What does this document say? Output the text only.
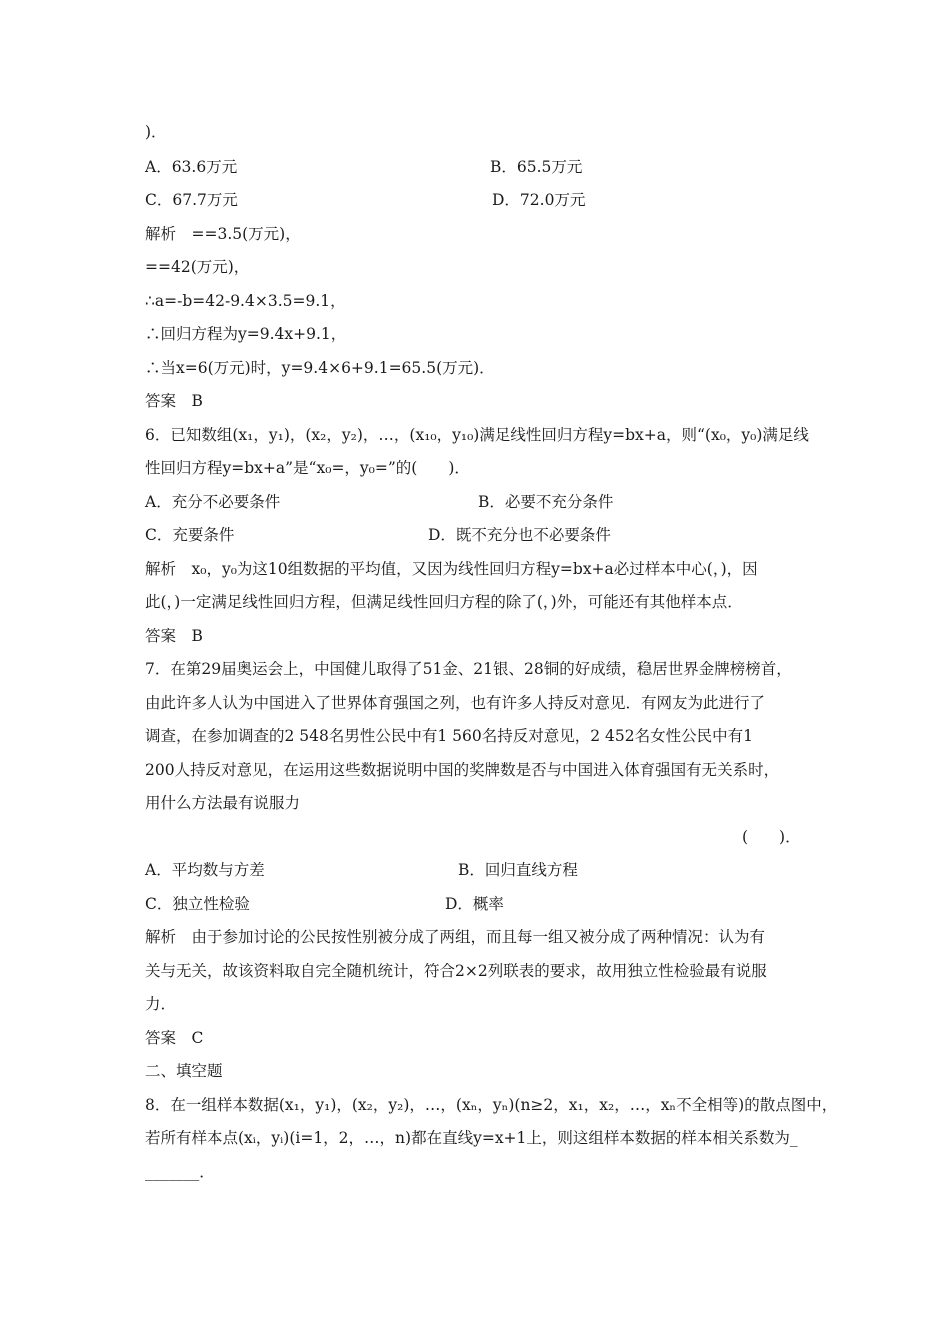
)．
A．63.6万元	B．65.5万元
C．67.7万元	D．72.0万元
解析　==3.5(万元)，
==42(万元)，
∴a=-b=42-9.4×3.5=9.1，
∴回归方程为y=9.4x+9.1，
∴当x=6(万元)时，y=9.4×6+9.1=65.5(万元)．
答案　B
6．已知数组(x₁，y₁)，(x₂，y₂)，…，(x₁₀，y₁₀)满足线性回归方程y=bx+a，则“(x₀，y₀)满足线
性回归方程y=bx+a”是“x₀=，y₀=”的(　　)．
A．充分不必要条件	B．必要不充分条件
C．充要条件	D．既不充分也不必要条件
解析　x₀，y₀为这10组数据的平均值，又因为线性回归方程y=bx+a必过样本中心(，)，因
此(，)一定满足线性回归方程，但满足线性回归方程的除了(，)外，可能还有其他样本点．
答案　B
7．在第29届奥运会上，中国健儿取得了51金、21银、28铜的好成绩，稳居世界金牌榜榜首，
由此许多人认为中国进入了世界体育强国之列，也有许多人持反对意见．有网友为此进行了
调查，在参加调查的2 548名男性公民中有1 560名持反对意见，2 452名女性公民中有1
200人持反对意见，在运用这些数据说明中国的奖牌数是否与中国进入体育强国有无关系时，
用什么方法最有说服力
(　　)．
A．平均数与方差	B．回归直线方程
C．独立性检验	D．概率
解析　由于参加讨论的公民按性别被分成了两组，而且每一组又被分成了两种情况：认为有
关与无关，故该资料取自完全随机统计，符合2×2列联表的要求，故用独立性检验最有说服
力．
答案　C
二、填空题
8．在一组样本数据(x₁，y₁)，(x₂，y₂)，…，(xₙ，yₙ)(n≥2，x₁，x₂，…，xₙ不全相等)的散点图中，
若所有样本点(xᵢ，yᵢ)(i=1，2，…，n)都在直线y=x+1上，则这组样本数据的样本相关系数为_
_______．
